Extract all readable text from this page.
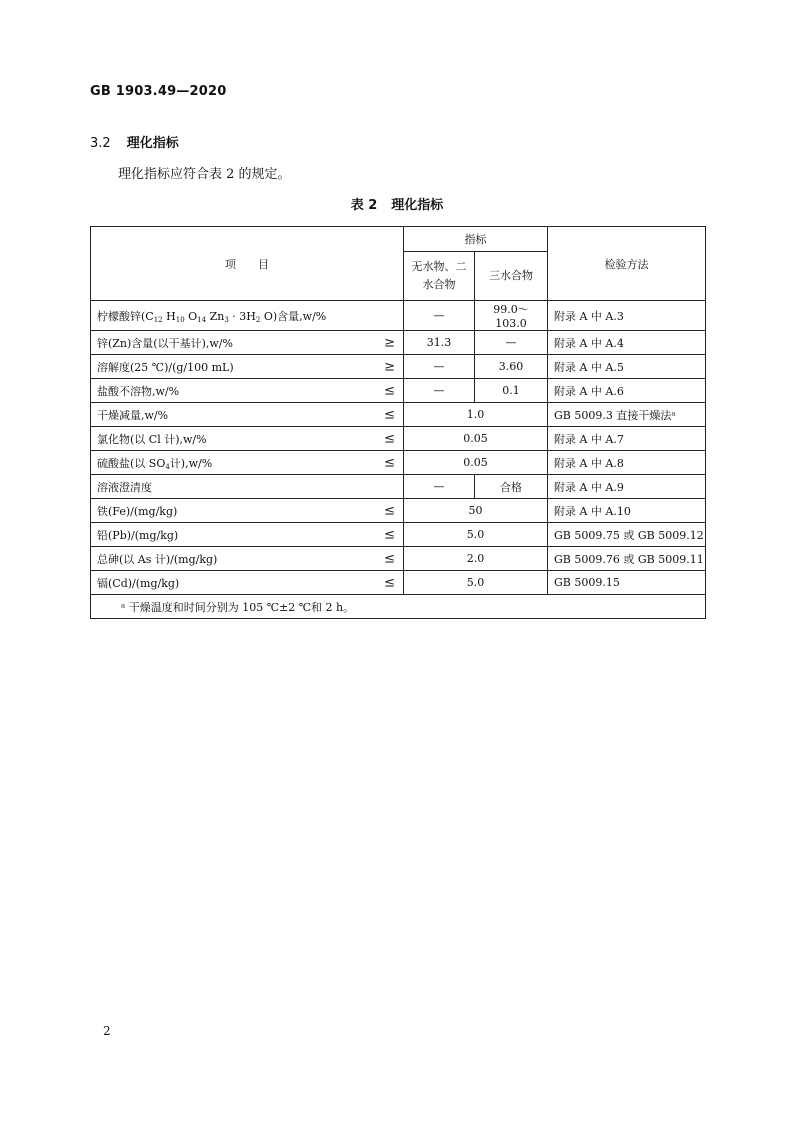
GB 1903.49—2020
3.2 理化指标
理化指标应符合表 2 的规定。
表 2 理化指标
项　　目	指标		检验方法
	无水物、二水合物	三水合物	
柠檬酸锌($C_{12}$ $H_{10}$ $O_{14}$ $Zn_3 \cdot 3H_2$ O)含量,w/%	—	99.0～103.0	附录 A 中 A.3
锌(Zn)含量(以干基计),w/% ≥	31.3	—	附录 A 中 A.4
溶解度(25 ℃)/(g/100 mL) ≥	—	3.60	附录 A 中 A.5
盐酸不溶物,w/% ≤	—	0.1	附录 A 中 A.6
干燥减量,w/% ≤	1.0		GB 5009.3 直接干燥法ᵃ
氯化物(以 Cl 计),w/% ≤	0.05		附录 A 中 A.7
硫酸盐(以 $SO_4$计),w/% ≤	0.05		附录 A 中 A.8
溶液澄清度	—	合格	附录 A 中 A.9
铁(Fe)/(mg/kg) ≤	50		附录 A 中 A.10
铅(Pb)/(mg/kg) ≤	5.0		GB 5009.75 或 GB 5009.12
总砷(以 As 计)/(mg/kg) ≤	2.0		GB 5009.76 或 GB 5009.11
镉(Cd)/(mg/kg) ≤	5.0		GB 5009.15
ᵃ 干燥温度和时间分别为 105 ℃±2 ℃和 2 h。			
2
